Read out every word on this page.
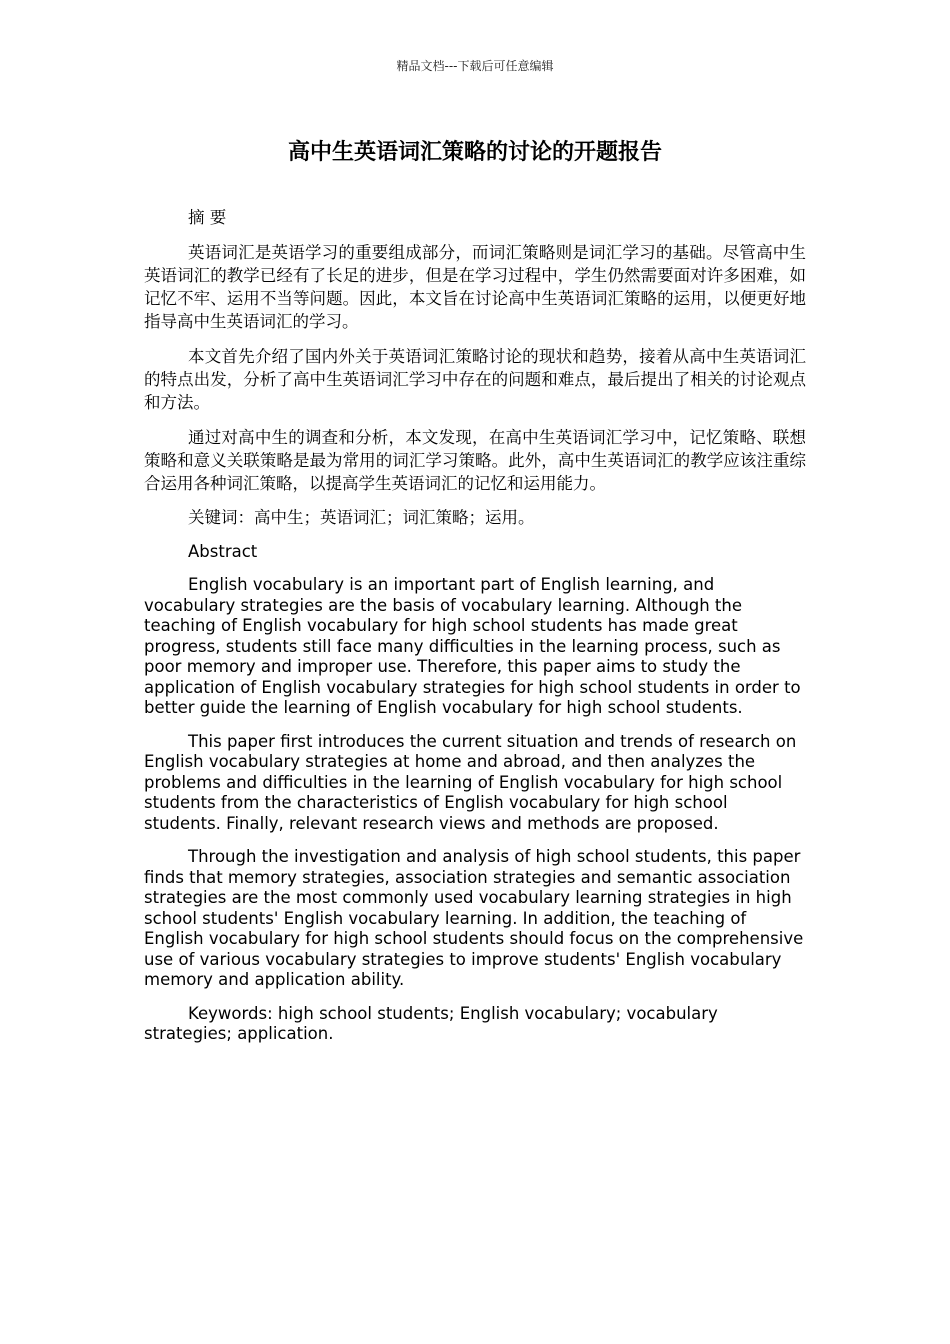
精品文档---下载后可任意编辑
高中生英语词汇策略的讨论的开题报告

摘 要

英语词汇是英语学习的重要组成部分，而词汇策略则是词汇学习的基础。尽管高中生英语词汇的教学已经有了长足的进步，但是在学习过程中，学生仍然需要面对许多困难，如记忆不牢、运用不当等问题。因此，本文旨在讨论高中生英语词汇策略的运用，以便更好地指导高中生英语词汇的学习。

本文首先介绍了国内外关于英语词汇策略讨论的现状和趋势，接着从高中生英语词汇的特点出发，分析了高中生英语词汇学习中存在的问题和难点，最后提出了相关的讨论观点和方法。

通过对高中生的调查和分析，本文发现，在高中生英语词汇学习中，记忆策略、联想策略和意义关联策略是最为常用的词汇学习策略。此外，高中生英语词汇的教学应该注重综合运用各种词汇策略，以提高学生英语词汇的记忆和运用能力。

关键词：高中生；英语词汇；词汇策略；运用。

Abstract

English vocabulary is an important part of English learning, and vocabulary strategies are the basis of vocabulary learning. Although the teaching of English vocabulary for high school students has made great progress, students still face many difficulties in the learning process, such as poor memory and improper use. Therefore, this paper aims to study the application of English vocabulary strategies for high school students in order to better guide the learning of English vocabulary for high school students.

This paper first introduces the current situation and trends of research on English vocabulary strategies at home and abroad, and then analyzes the problems and difficulties in the learning of English vocabulary for high school students from the characteristics of English vocabulary for high school students. Finally, relevant research views and methods are proposed.

Through the investigation and analysis of high school students, this paper finds that memory strategies, association strategies and semantic association strategies are the most commonly used vocabulary learning strategies in high school students' English vocabulary learning. In addition, the teaching of English vocabulary for high school students should focus on the comprehensive use of various vocabulary strategies to improve students' English vocabulary memory and application ability.

Keywords: high school students; English vocabulary; vocabulary strategies; application.
